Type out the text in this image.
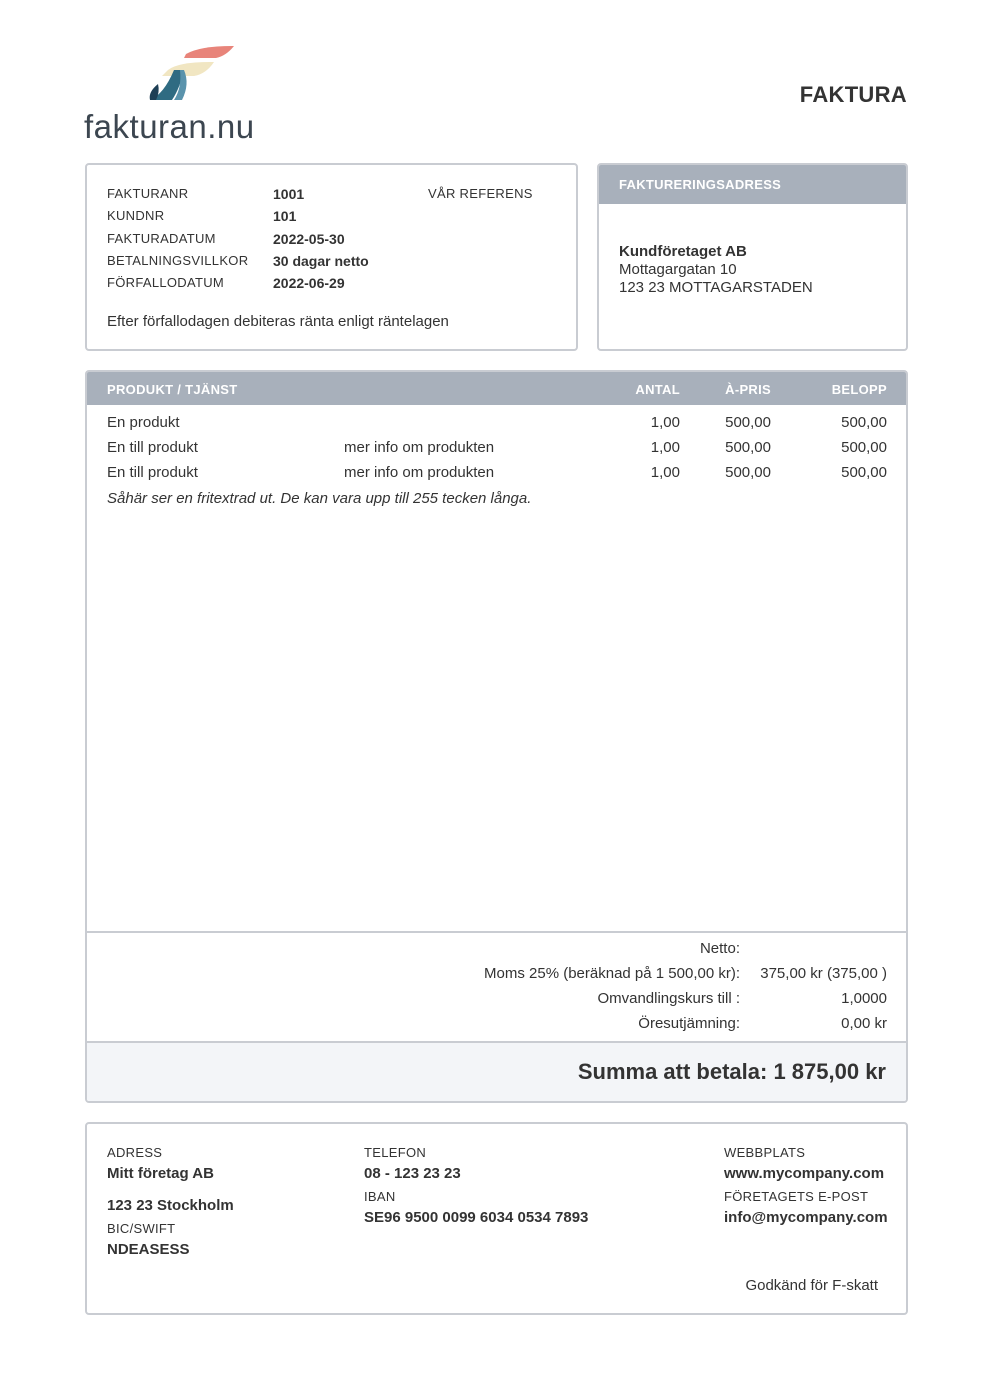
fakturan.nu
FAKTURA
FAKTURANR	1001
KUNDNR	101
FAKTURADATUM	2022-05-30
BETALNINGSVILLKOR 30 dagar netto
FÖRFALLODATUM	2022-06-29
VÅR REFERENS
Efter förfallodagen debiteras ränta enligt räntelagen
FAKTURERINGSADRESS
Kundföretaget AB
Mottagargatan 10
123 23 MOTTAGARSTADEN
PRODUKT / TJÄNST	ANTAL	À-PRIS	BELOPP
En produkt	1,00	500,00	500,00
En till produkt	mer info om produkten	1,00	500,00	500,00
En till produkt	mer info om produkten	1,00	500,00	500,00
Såhär ser en fritextrad ut. De kan vara upp till 255 tecken långa.
Netto:
Moms 25% (beräknad på 1 500,00 kr): 375,00 kr (375,00 )
Omvandlingskurs till :	1,0000
Öresutjämning:	0,00 kr
Summa att betala: 1 875,00 kr
ADRESS
Mitt företag AB
123 23 Stockholm
BIC/SWIFT
NDEASESS
TELEFON
08 - 123 23 23
IBAN
SE96 9500 0099 6034 0534 7893
WEBBPLATS
www.mycompany.com
FÖRETAGETS E-POST
info@mycompany.com
Godkänd för F-skatt
